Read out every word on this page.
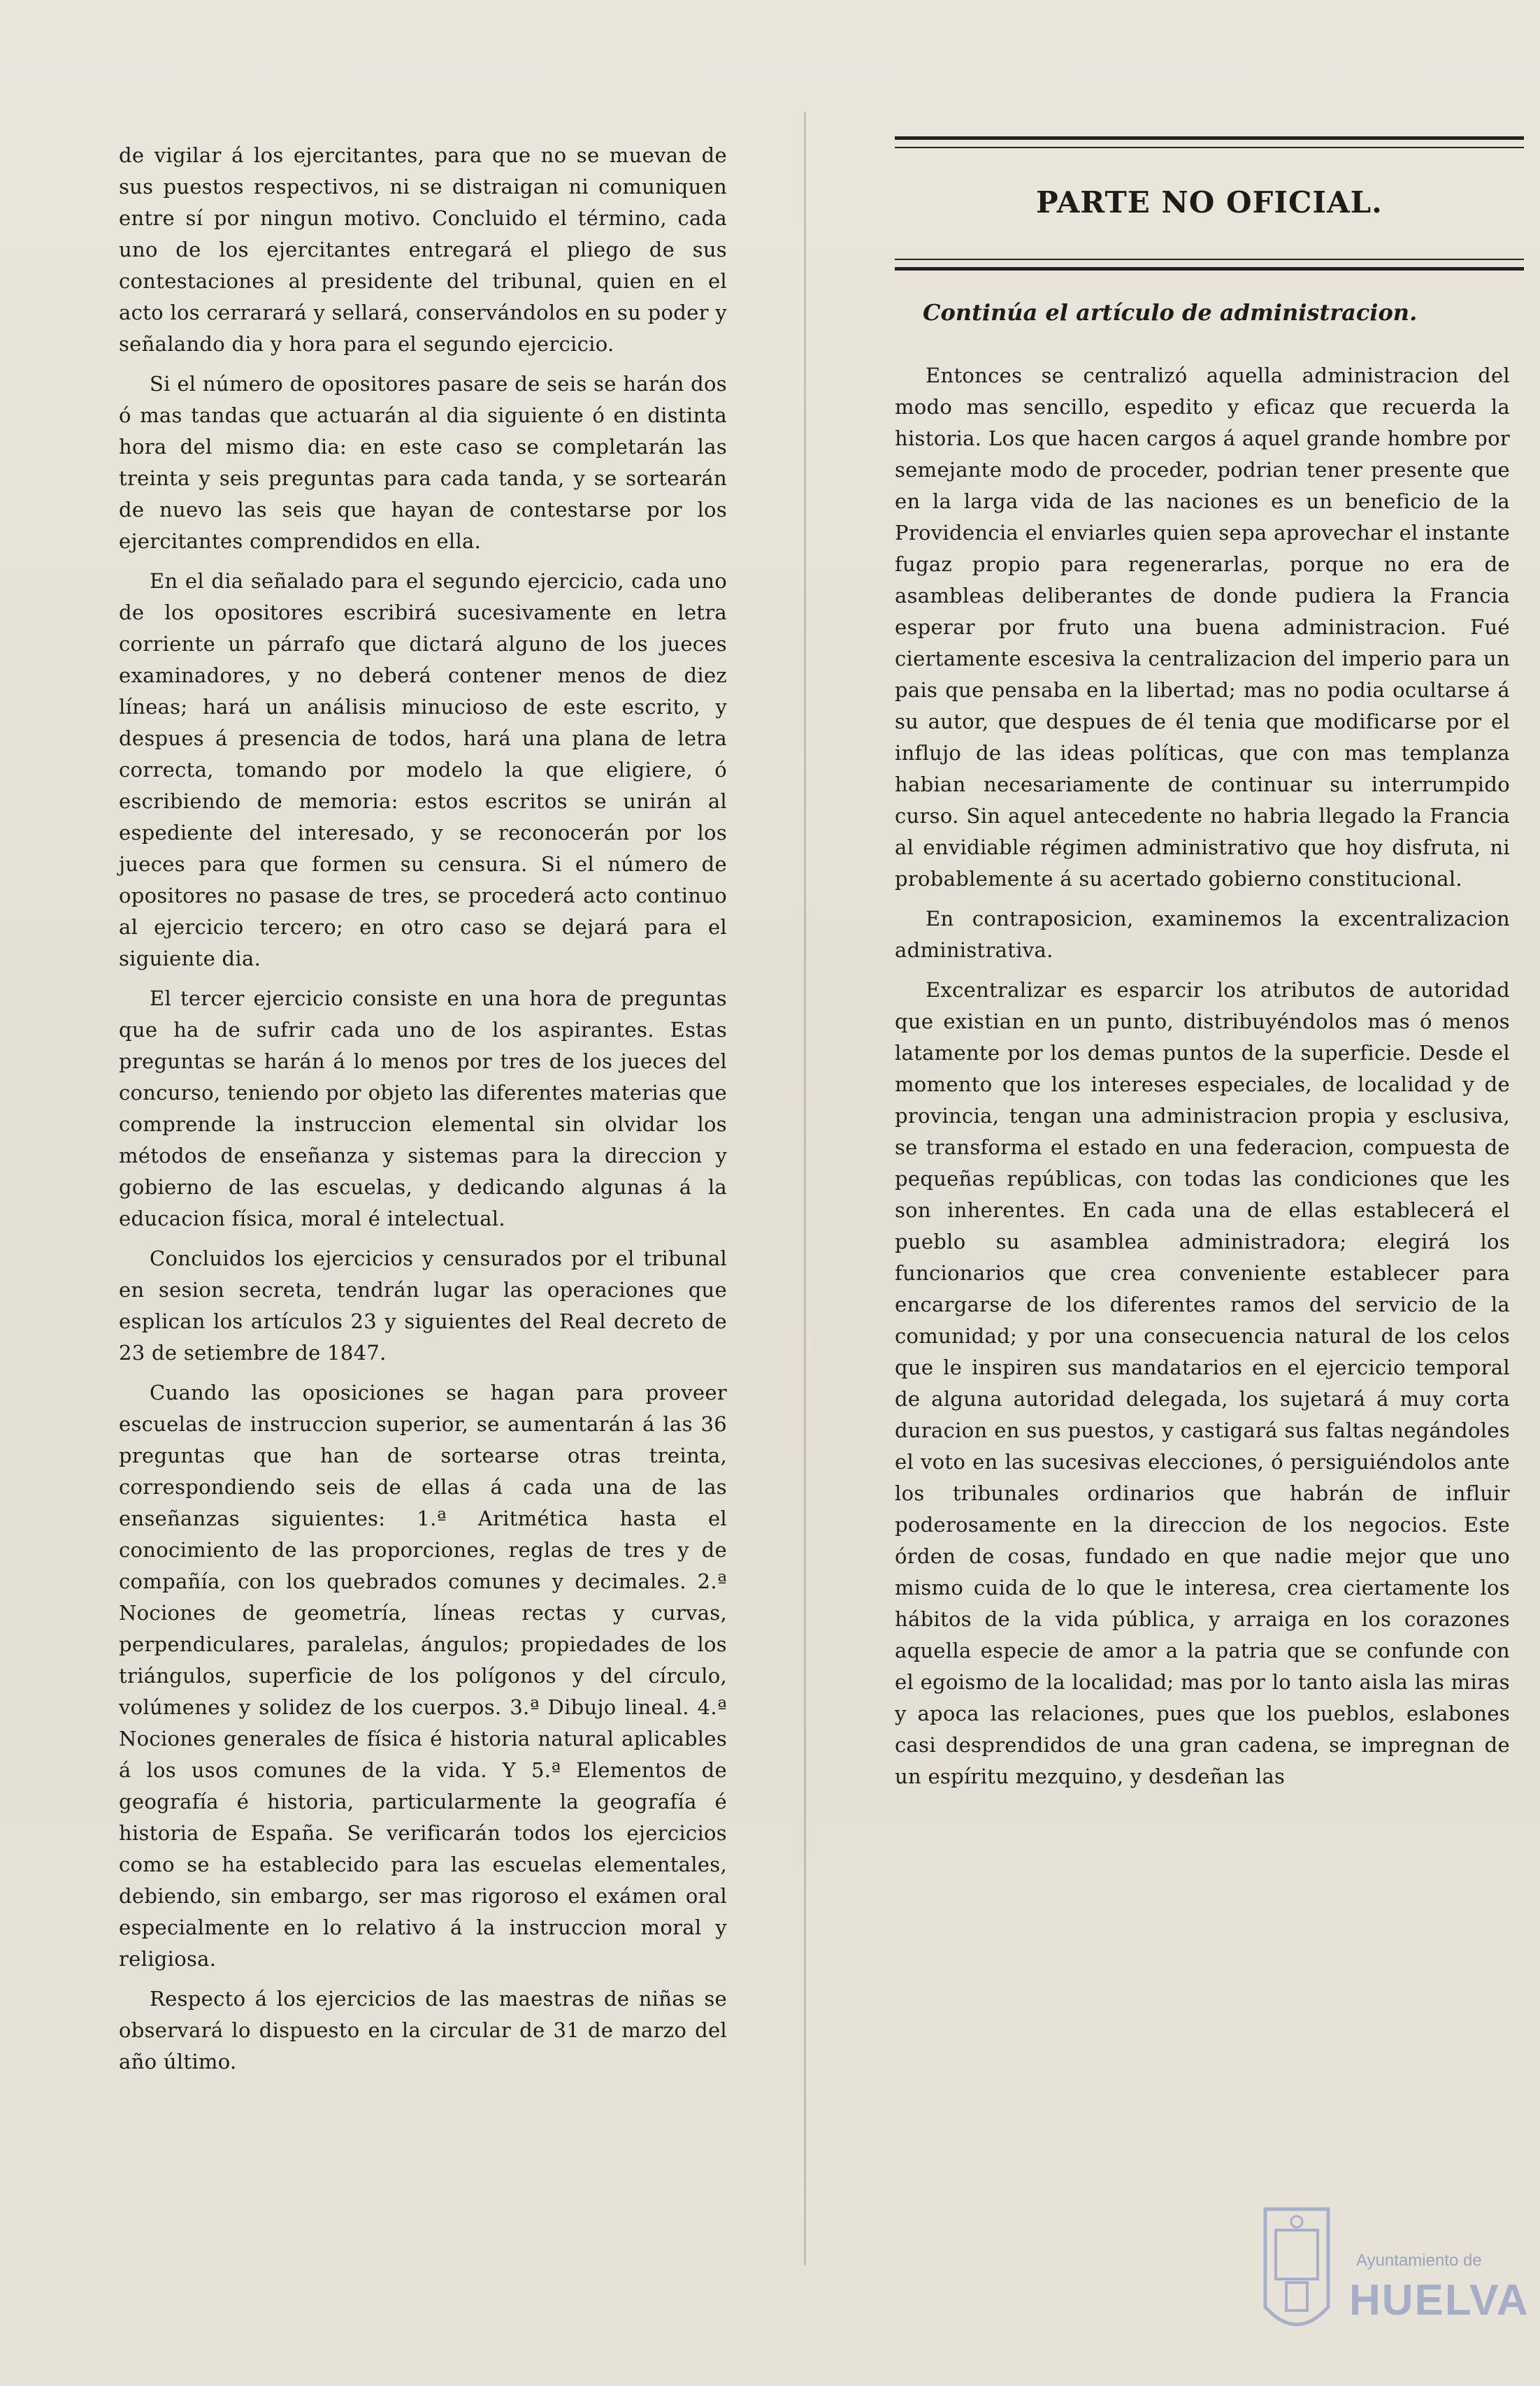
de vigilar á los ejercitantes, para que no se muevan de sus puestos respectivos, ni se distraigan ni comuniquen entre sí por ningun motivo. Concluido el término, cada uno de los ejercitantes entregará el pliego de sus contestaciones al presidente del tribunal, quien en el acto los cerrarará y sellará, conservándolos en su poder y señalando dia y hora para el segundo ejercicio.

Si el número de opositores pasare de seis se harán dos ó mas tandas que actuarán al dia siguiente ó en distinta hora del mismo dia: en este caso se completarán las treinta y seis preguntas para cada tanda, y se sortearán de nuevo las seis que hayan de contestarse por los ejercitantes comprendidos en ella.

En el dia señalado para el segundo ejercicio, cada uno de los opositores escribirá sucesivamente en letra corriente un párrafo que dictará alguno de los jueces examinadores, y no deberá contener menos de diez líneas; hará un análisis minucioso de este escrito, y despues á presencia de todos, hará una plana de letra correcta, tomando por modelo la que eligiere, ó escribiendo de memoria: estos escritos se unirán al espediente del interesado, y se reconocerán por los jueces para que formen su censura. Si el número de opositores no pasase de tres, se procederá acto continuo al ejercicio tercero; en otro caso se dejará para el siguiente dia.

El tercer ejercicio consiste en una hora de preguntas que ha de sufrir cada uno de los aspirantes. Estas preguntas se harán á lo menos por tres de los jueces del concurso, teniendo por objeto las diferentes materias que comprende la instruccion elemental sin olvidar los métodos de enseñanza y sistemas para la direccion y gobierno de las escuelas, y dedicando algunas á la educacion física, moral é intelectual.

Concluidos los ejercicios y censurados por el tribunal en sesion secreta, tendrán lugar las operaciones que esplican los artículos 23 y siguientes del Real decreto de 23 de setiembre de 1847.

Cuando las oposiciones se hagan para proveer escuelas de instruccion superior, se aumentarán á las 36 preguntas que han de sortearse otras treinta, correspondiendo seis de ellas á cada una de las enseñanzas siguientes: 1.ª Aritmética hasta el conocimiento de las proporciones, reglas de tres y de compañía, con los quebrados comunes y decimales. 2.ª Nociones de geometría, líneas rectas y curvas, perpendiculares, paralelas, ángulos; propiedades de los triángulos, superficie de los polígonos y del círculo, volúmenes y solidez de los cuerpos. 3.ª Dibujo lineal. 4.ª Nociones generales de física é historia natural aplicables á los usos comunes de la vida. Y 5.ª Elementos de geografía é historia, particularmente la geografía é historia de España. Se verificarán todos los ejercicios como se ha establecido para las escuelas elementales, debiendo, sin embargo, ser mas rigoroso el exámen oral especialmente en lo relativo á la instruccion moral y religiosa.

Respecto á los ejercicios de las maestras de niñas se observará lo dispuesto en la circular de 31 de marzo del año último.

PARTE NO OFICIAL.
Continúa el artículo de administracion.

Entonces se centralizó aquella administracion del modo mas sencillo, espedito y eficaz que recuerda la historia. Los que hacen cargos á aquel grande hombre por semejante modo de proceder, podrian tener presente que en la larga vida de las naciones es un beneficio de la Providencia el enviarles quien sepa aprovechar el instante fugaz propio para regenerarlas, porque no era de asambleas deliberantes de donde pudiera la Francia esperar por fruto una buena administracion. Fué ciertamente escesiva la centralizacion del imperio para un pais que pensaba en la libertad; mas no podia ocultarse á su autor, que despues de él tenia que modificarse por el influjo de las ideas políticas, que con mas templanza habian necesariamente de continuar su interrumpido curso. Sin aquel antecedente no habria llegado la Francia al envidiable régimen administrativo que hoy disfruta, ni probablemente á su acertado gobierno constitucional.

En contraposicion, examinemos la excentralizacion administrativa.

Excentralizar es esparcir los atributos de autoridad que existian en un punto, distribuyéndolos mas ó menos latamente por los demas puntos de la superficie. Desde el momento que los intereses especiales, de localidad y de provincia, tengan una administracion propia y esclusiva, se transforma el estado en una federacion, compuesta de pequeñas repúblicas, con todas las condiciones que les son inherentes. En cada una de ellas establecerá el pueblo su asamblea administradora; elegirá los funcionarios que crea conveniente establecer para encargarse de los diferentes ramos del servicio de la comunidad; y por una consecuencia natural de los celos que le inspiren sus mandatarios en el ejercicio temporal de alguna autoridad delegada, los sujetará á muy corta duracion en sus puestos, y castigará sus faltas negándoles el voto en las sucesivas elecciones, ó persiguiéndolos ante los tribunales ordinarios que habrán de influir poderosamente en la direccion de los negocios. Este órden de cosas, fundado en que nadie mejor que uno mismo cuida de lo que le interesa, crea ciertamente los hábitos de la vida pública, y arraiga en los corazones aquella especie de amor a la patria que se confunde con el egoismo de la localidad; mas por lo tanto aisla las miras y apoca las relaciones, pues que los pueblos, eslabones casi desprendidos de una gran cadena, se impregnan de un espíritu mezquino, y desdeñan las

Ayuntamiento de
HUELVA
